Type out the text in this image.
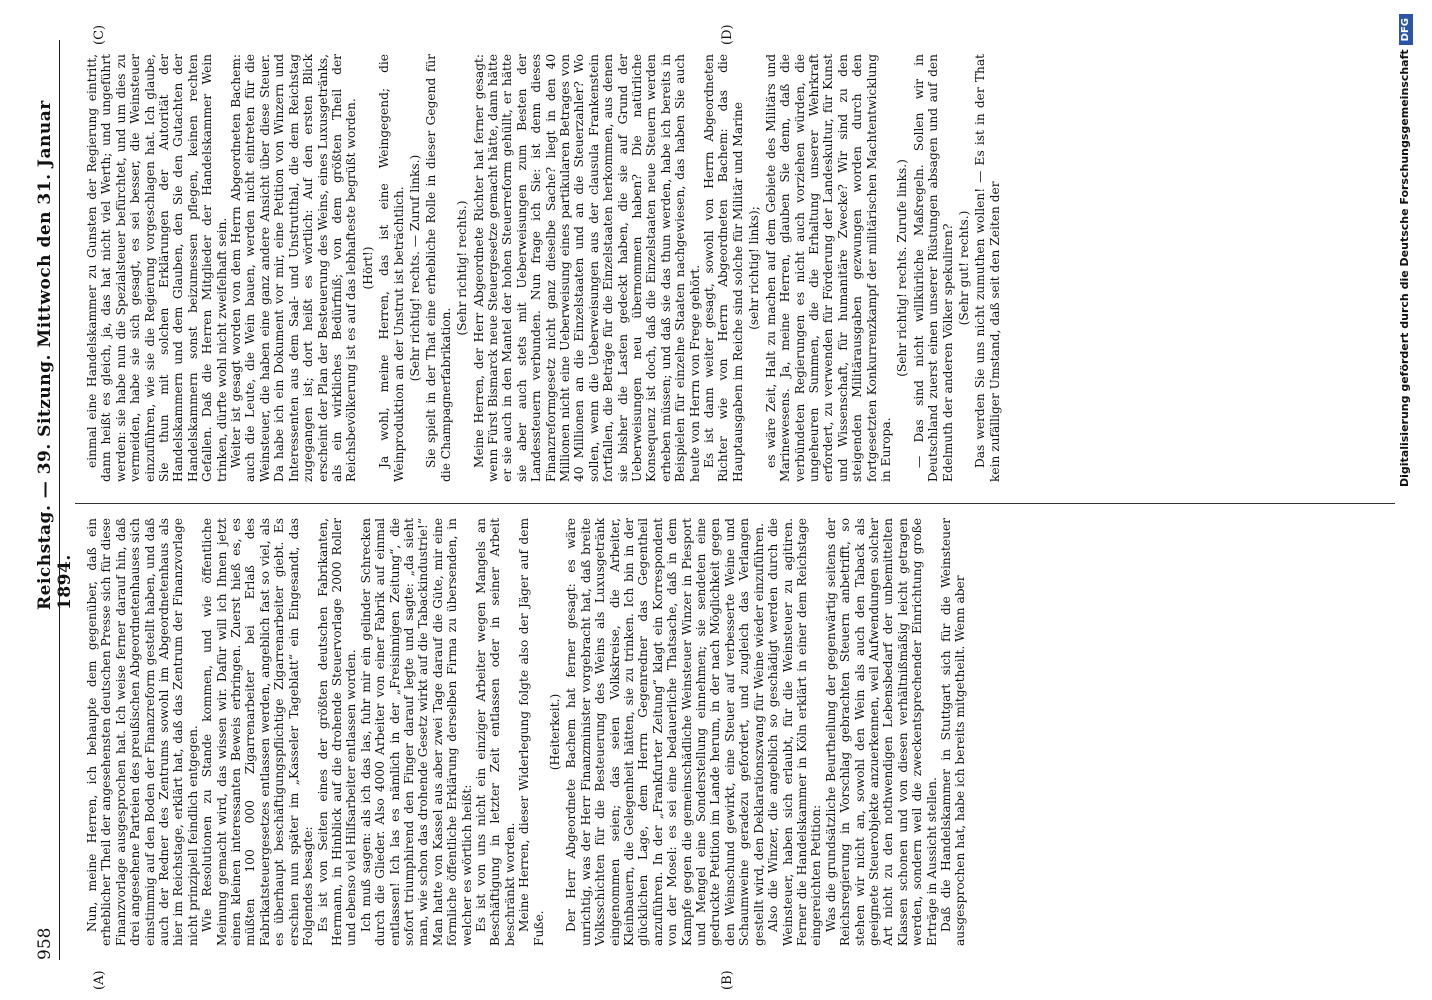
958
Reichstag. — 39. Sitzung. Mittwoch den 31. Januar 1894.
(A)	(B)
(C)	(D)

Nun, meine Herren, ich behaupte dem gegenüber, daß ein erheblicher Theil der angesehensten deutschen Presse sich für diese Finanzvorlage ausgesprochen hat. Ich weise ferner darauf hin, daß drei angesehene Parteien des preußischen Abgeordnetenhauses sich einstimmig auf den Boden der Finanzreform gestellt haben, und daß auch der Redner des Zentrums sowohl im Abgeordnetenhaus als hier im Reichstage, erklärt hat, daß das Zentrum der Finanzvorlage nicht prinzipiell feindlich entgegen. Wie Resolutionen zu Stande kommen, und wie öffentliche Meinung gemacht wird, das wissen wir. Dafür will ich Ihnen jetzt einen kleinen interessanten Beweis erbringen. Zuerst hieß es, es müßten 100 000 Zigarrenarbeiter bei Erlaß des Fabrikatsteuergesetzes entlassen werden, angeblich fast so viel, als es überhaupt beschäftigungspflichtige Zigarrenarbeiter giebt. Es erschien nun später im „Kasseler Tageblatt“ ein Eingesandt, das Folgendes besagte: Es ist von Seiten eines der größten deutschen Fabrikanten, Hermann, in Hinblick auf die drohende Steuervorlage 2000 Roller und ebenso viel Hilfsarbeiter entlassen worden. Ich muß sagen: als ich das las, fuhr mir ein gelinder Schrecken durch die Glieder. Also 4000 Arbeiter von einer Fabrik auf einmal entlassen! Ich las es nämlich in der „Freisinnigen Zeitung“, die sofort triumphirend den Finger darauf legte und sagte: „da sieht man, wie schon das drohende Gesetz wirkt auf die Tabackindustrie!“ Man hatte von Kassel aus aber zwei Tage darauf die Güte, mir eine förmliche öffentliche Erklärung derselben Firma zu übersenden, in welcher es wörtlich heißt: Es ist von uns nicht ein einziger Arbeiter wegen Mangels an Beschäftigung in letzter Zeit entlassen oder in seiner Arbeit beschränkt worden. Meine Herren, dieser Widerlegung folgte also der Jäger auf dem Fuße.

(Heiterkeit.) Der Herr Abgeordnete Bachem hat ferner gesagt: es wäre unrichtig, was der Herr Finanzminister vorgebracht hat, daß breite Volksschichten für die Besteuerung des Weins als Luxusgetränk eingenommen seien; das seien Volkskreise, die Arbeiter, Kleinbauern, die Gelegenheit hätten, sie zu trinken. Ich bin in der glücklichen Lage, dem Herrn Gegenredner das Gegentheil anzuführen. In der „Frankfurter Zeitung“ klagt ein Korrespondent von der Mosel: es sei eine bedauerliche Thatsache, daß in dem Kampfe gegen die gemeinschädliche Weinsteuer Winzer in Piesport und Mengel eine Sonderstellung einnehmen; sie sendeten eine gedruckte Petition im Lande herum, in der nach Möglichkeit gegen den Weinschund gewirkt, eine Steuer auf verbesserte Weine und Schaumweine geradezu gefordert, und zugleich das Verlangen gestellt wird, den Deklarationszwang für Weine wieder einzuführen. Also die Winzer, die angeblich so geschädigt werden durch die Weinsteuer, haben sich erlaubt, für die Weinsteuer zu agitiren. Ferner die Handelskammer in Köln erklärt in einer dem Reichstage eingereichten Petition: Was die grundsätzliche Beurtheilung der gegenwärtig seitens der Reichsregierung in Vorschlag gebrachten Steuern anbetrifft, so stehen wir nicht an, sowohl den Wein als auch den Taback als geeignete Steuerobjekte anzuerkennen, weil Aufwendungen solcher Art nicht zu den nothwendigen Lebensbedarf der unbemittelten Klassen schonen und von diesen verhältnißmäßig leicht getragen werden, sondern weil die zweckentsprechender Einrichtung große Erträge in Aussicht stellen. Daß die Handelskammer in Stuttgart sich für die Weinsteuer ausgesprochen hat, habe ich bereits mitgetheilt. Wenn aber

einmal eine Handelskammer zu Gunsten der Regierung eintritt, dann heißt es gleich, ja, das hat nicht viel Werth; und ungeführt werden: sie habe nun die Spezialsteuer befürchtet, und um dies zu vermeiden, habe sie sich gesagt, es sei besser, die Weinsteuer einzuführen, wie sie die Regierung vorgeschlagen hat. Ich glaube, Sie thun mit solchen Erklärungen der Autorität der Handelskammern und dem Glauben, den Sie den Gutachten der Handelskammern sonst beizumessen pflegen, keinen rechten Gefallen. Daß die Herren Mitglieder der Handelskammer Wein trinken, dürfte wohl nicht zweifelhaft sein. Weiter ist gesagt worden von dem Herrn Abgeordneten Bachem: auch die Leute, die Wein bauen, werden nicht eintreten für die Weinsteuer, die haben eine ganz andere Ansicht über diese Steuer. Da habe ich ein Dokument vor mir, eine Petition von Winzern und Interessenten aus dem Saal- und Unstrutthal, die dem Reichstag zugegangen ist; dort heißt es wörtlich: Auf den ersten Blick erscheint der Plan der Besteuerung des Weins, eines Luxusgetränks, als ein wirkliches Bedürfniß; von dem größten Theil der Reichsbevölkerung ist es auf das lebhafteste begrüßt worden. (Hört!) Ja wohl, meine Herren, das ist eine Weingegend; die Weinproduktion an der Unstrut ist beträchtlich. (Sehr richtig! rechts. — Zuruf links.) Sie spielt in der That eine erhebliche Rolle in dieser Gegend für die Champagnerfabrikation.

(Sehr richtig! rechts.) Meine Herren, der Herr Abgeordnete Richter hat ferner gesagt: wenn Fürst Bismarck neue Steuergesetze gemacht hätte, dann hätte er sie auch in den Mantel der hohen Steuerreform gehüllt, er hätte sie aber auch stets mit Ueberweisungen zum Besten der Landessteuern verbunden. Nun frage ich Sie: ist denn dieses Finanzreformgesetz nicht ganz dieselbe Sache? liegt in den 40 Millionen nicht eine Ueberweisung eines partikularen Betrages von 40 Millionen an die Einzelstaaten und an die Steuerzahler? Wo sollen, wenn die Ueberweisungen aus der clausula Frankenstein fortfallen, die Beträge für die Einzelstaaten herkommen, aus denen sie bisher die Lasten gedeckt haben, die sie auf Grund der Ueberweisungen neu übernommen haben? Die natürliche Konsequenz ist doch, daß die Einzelstaaten neue Steuern werden erheben müssen; und daß sie das thun werden, habe ich bereits in Beispielen für einzelne Staaten nachgewiesen, das haben Sie auch heute von Herrn von Frege gehört. Es ist dann weiter gesagt, sowohl von Herrn Abgeordneten Richter wie von Herrn Abgeordneten Bachem: das die Hauptausgaben im Reiche sind solche für Militär und Marine (sehr richtig! links); es wäre Zeit, Halt zu machen auf dem Gebiete des Militärs und Marinewesens. Ja, meine Herren, glauben Sie denn, daß die verbündeten Regierungen es nicht auch vorziehen würden, die ungeheuren Summen, die die Erhaltung unserer Wehrkraft erfordert, zu verwenden für Förderung der Landeskultur, für Kunst und Wissenschaft, für humanitäre Zwecke? Wir sind zu den steigenden Militärausgaben gezwungen worden durch den fortgesetzten Konkurrenzkampf der militärischen Machtentwicklung in Europa.

(Sehr richtig! rechts. Zurufe links.) — Das sind nicht willkürliche Maßregeln. Sollen wir in Deutschland zuerst einen unserer Rüstungen absagen und auf den Edelmuth der anderen Völker spekuliren? (Sehr gut! rechts.) Das werden Sie uns nicht zumuthen wollen! — Es ist in der That kein zufälliger Umstand, daß seit den Zeiten der	Digitalisierung gefördert durch die Deutsche ForschungsgemeinschaftDFG
